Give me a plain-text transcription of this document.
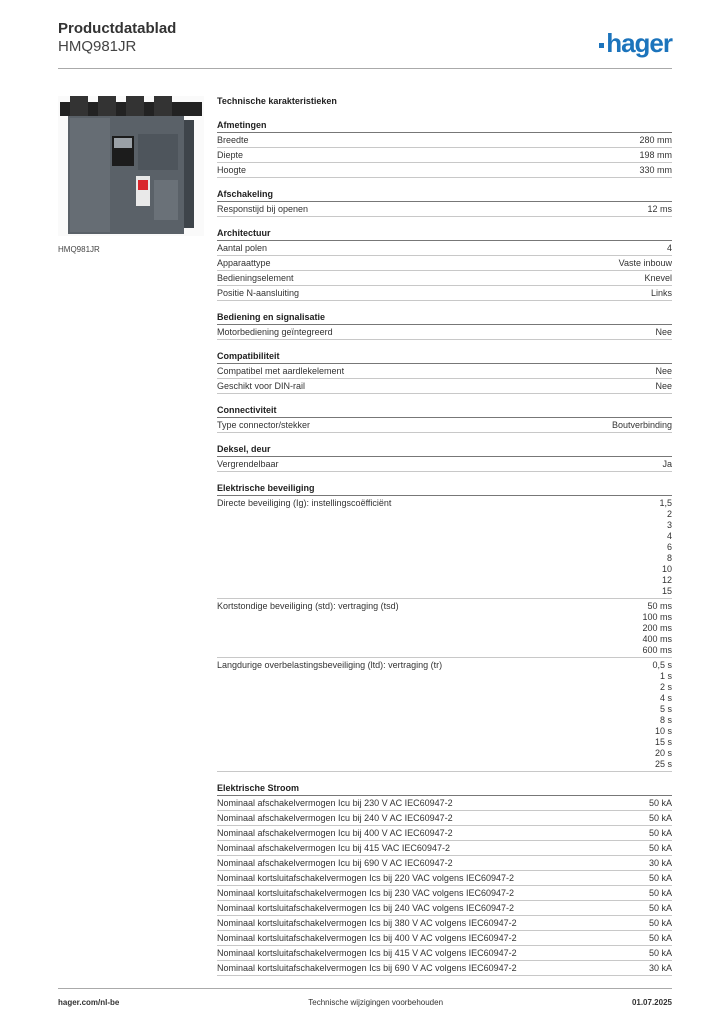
Productdatablad
HMQ981JR	hager
HMQ981JR
Technische karakteristieken
Afmetingen
Breedte	280 mm
Diepte	198 mm
Hoogte	330 mm
Afschakeling
Responstijd bij openen	12 ms
Architectuur
Aantal polen	4
Apparaattype	Vaste inbouw
Bedieningselement	Knevel
Positie N-aansluiting	Links
Bediening en signalisatie
Motorbediening geïntegreerd	Nee
Compatibiliteit
Compatibel met aardlekelement	Nee
Geschikt voor DIN-rail	Nee
Connectiviteit
Type connector/stekker	Boutverbinding
Deksel, deur
Vergrendelbaar	Ja
Elektrische beveiliging
Directe beveiliging (Ig): instellingscoëfficiënt	1,5
2
3
4
6
8
10
12
15
Kortstondige beveiliging (std): vertraging (tsd)	50 ms
100 ms
200 ms
400 ms
600 ms
Langdurige overbelastingsbeveiliging (ltd): vertraging (tr)	0,5 s
1 s
2 s
4 s
5 s
8 s
10 s
15 s
20 s
25 s
Elektrische Stroom
Nominaal afschakelvermogen Icu bij 230 V AC IEC60947-2	50 kA
Nominaal afschakelvermogen Icu bij 240 V AC IEC60947-2	50 kA
Nominaal afschakelvermogen Icu bij 400 V AC IEC60947-2	50 kA
Nominaal afschakelvermogen Icu bij 415 VAC IEC60947-2	50 kA
Nominaal afschakelvermogen Icu bij 690 V AC IEC60947-2	30 kA
Nominaal kortsluitafschakelvermogen Ics bij 220 VAC volgens IEC60947-2	50 kA
Nominaal kortsluitafschakelvermogen Ics bij 230 VAC volgens IEC60947-2	50 kA
Nominaal kortsluitafschakelvermogen Ics bij 240 VAC volgens IEC60947-2	50 kA
Nominaal kortsluitafschakelvermogen Ics bij 380 V AC volgens IEC60947-2	50 kA
Nominaal kortsluitafschakelvermogen Ics bij 400 V AC volgens IEC60947-2	50 kA
Nominaal kortsluitafschakelvermogen Ics bij 415 V AC volgens IEC60947-2	50 kA
Nominaal kortsluitafschakelvermogen Ics bij 690 V AC volgens IEC60947-2	30 kA
hager.com/nl-be	Technische wijzigingen voorbehouden	01.07.2025
